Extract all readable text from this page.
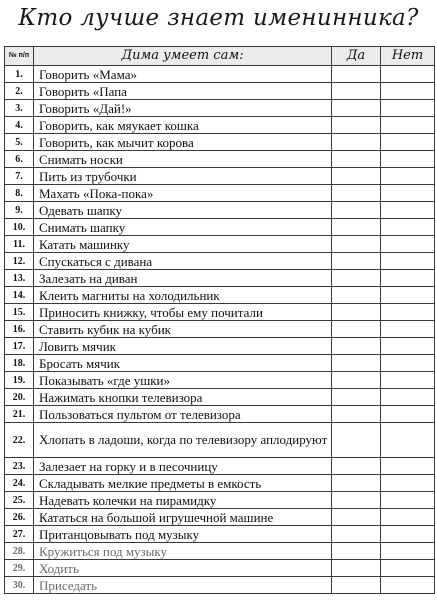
Кто лучше знает именинника?
№ п/п	Дима умеет сам:	Да	Нет
1.	Говорить «Мама»		
2.	Говорить «Папа		
3.	Говорить «Дай!»		
4.	Говорить, как мяукает кошка		
5.	Говорить, как мычит корова		
6.	Снимать носки		
7.	Пить из трубочки		
8.	Махать «Пока-пока»		
9.	Одевать шапку		
10.	Снимать шапку		
11.	Катать машинку		
12.	Спускаться с дивана		
13.	Залезать на диван		
14.	Клеить магниты на холодильник		
15.	Приносить книжку, чтобы ему почитали		
16.	Ставить кубик на кубик		
17.	Ловить мячик		
18.	Бросать мячик		
19.	Показывать «где ушки»		
20.	Нажимать кнопки телевизора		
21.	Пользоваться пультом от телевизора		
22.	Хлопать в ладоши, когда по телевизору аплодируют		
23.	Залезает на горку и в песочницу		
24.	Складывать мелкие предметы в емкость		
25.	Надевать колечки на пирамидку		
26.	Кататься на большой игрушечной машине		
27.	Пританцовывать под музыку		
28.	Кружиться под музыку		
29.	Ходить		
30.	Приседать		
